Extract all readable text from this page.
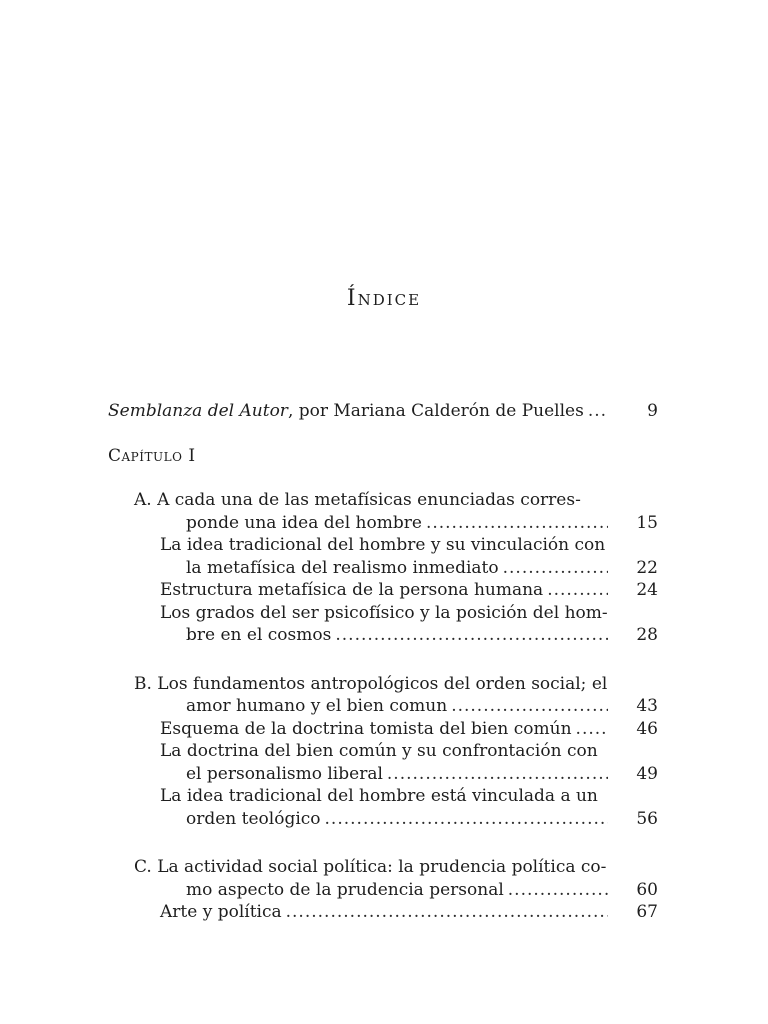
Índice
Semblanza del Autor, por Mariana Calderón de Puelles .....	9
Capítulo I
A. A cada una de las metafísicas enunciadas corres-
ponde una idea del hombre .....	15
La idea tradicional del hombre y su vinculación con
la metafísica del realismo inmediato .....	22
Estructura metafísica de la persona humana .....	24
Los grados del ser psicofísico y la posición del hom-
bre en el cosmos .....	28
B. Los fundamentos antropológicos del orden social; el
amor humano y el bien comun .....	43
Esquema de la doctrina tomista del bien común .....	46
La doctrina del bien común y su confrontación con
el personalismo liberal .....	49
La idea tradicional del hombre está vinculada a un
orden teológico .....	56
C. La actividad social política: la prudencia política co-
mo aspecto de la prudencia personal .....	60
Arte y política .....	67
